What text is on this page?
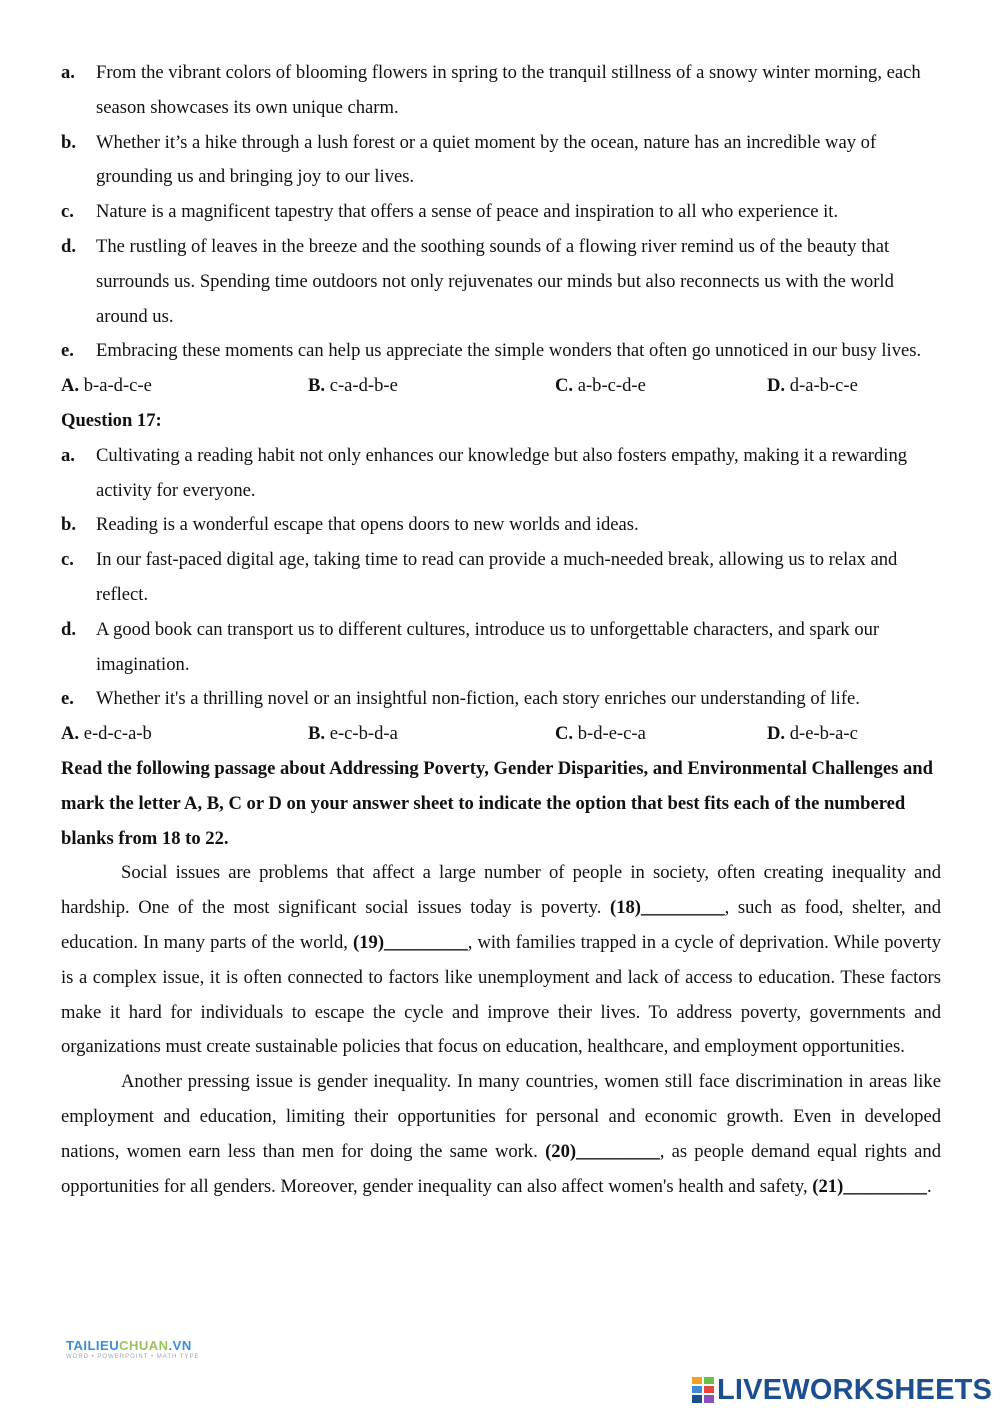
a.	From the vibrant colors of blooming flowers in spring to the tranquil stillness of a snowy winter morning, each season showcases its own unique charm.
b.	Whether it’s a hike through a lush forest or a quiet moment by the ocean, nature has an incredible way of grounding us and bringing joy to our lives.
c.	Nature is a magnificent tapestry that offers a sense of peace and inspiration to all who experience it.
d.	The rustling of leaves in the breeze and the soothing sounds of a flowing river remind us of the beauty that surrounds us. Spending time outdoors not only rejuvenates our minds but also reconnects us with the world around us.
e.	Embracing these moments can help us appreciate the simple wonders that often go unnoticed in our busy lives.
A. b-a-d-c-e	B. c-a-d-b-e	C. a-b-c-d-e	D. d-a-b-c-e
Question 17:
a.	Cultivating a reading habit not only enhances our knowledge but also fosters empathy, making it a rewarding activity for everyone.
b.	Reading is a wonderful escape that opens doors to new worlds and ideas.
c.	In our fast-paced digital age, taking time to read can provide a much-needed break, allowing us to relax and reflect.
d.	A good book can transport us to different cultures, introduce us to unforgettable characters, and spark our imagination.
e.	Whether it's a thrilling novel or an insightful non-fiction, each story enriches our understanding of life.
A. e-d-c-a-b	B. e-c-b-d-a	C. b-d-e-c-a	D. d-e-b-a-c
Read the following passage about Addressing Poverty, Gender Disparities, and Environmental Challenges and mark the letter A, B, C or D on your answer sheet to indicate the option that best fits each of the numbered blanks from 18 to 22.
Social issues are problems that affect a large number of people in society, often creating inequality and hardship. One of the most significant social issues today is poverty. (18)_________, such as food, shelter, and education. In many parts of the world, (19)_________, with families trapped in a cycle of deprivation. While poverty is a complex issue, it is often connected to factors like unemployment and lack of access to education. These factors make it hard for individuals to escape the cycle and improve their lives. To address poverty, governments and organizations must create sustainable policies that focus on education, healthcare, and employment opportunities.
Another pressing issue is gender inequality. In many countries, women still face discrimination in areas like employment and education, limiting their opportunities for personal and economic growth. Even in developed nations, women earn less than men for doing the same work. (20)_________, as people demand equal rights and opportunities for all genders. Moreover, gender inequality can also affect women's health and safety, (21)_________.
TAILIEUCHUAN.VN
WORD • POWERPOINT • MATH TYPE
LIVEWORKSHEETS
